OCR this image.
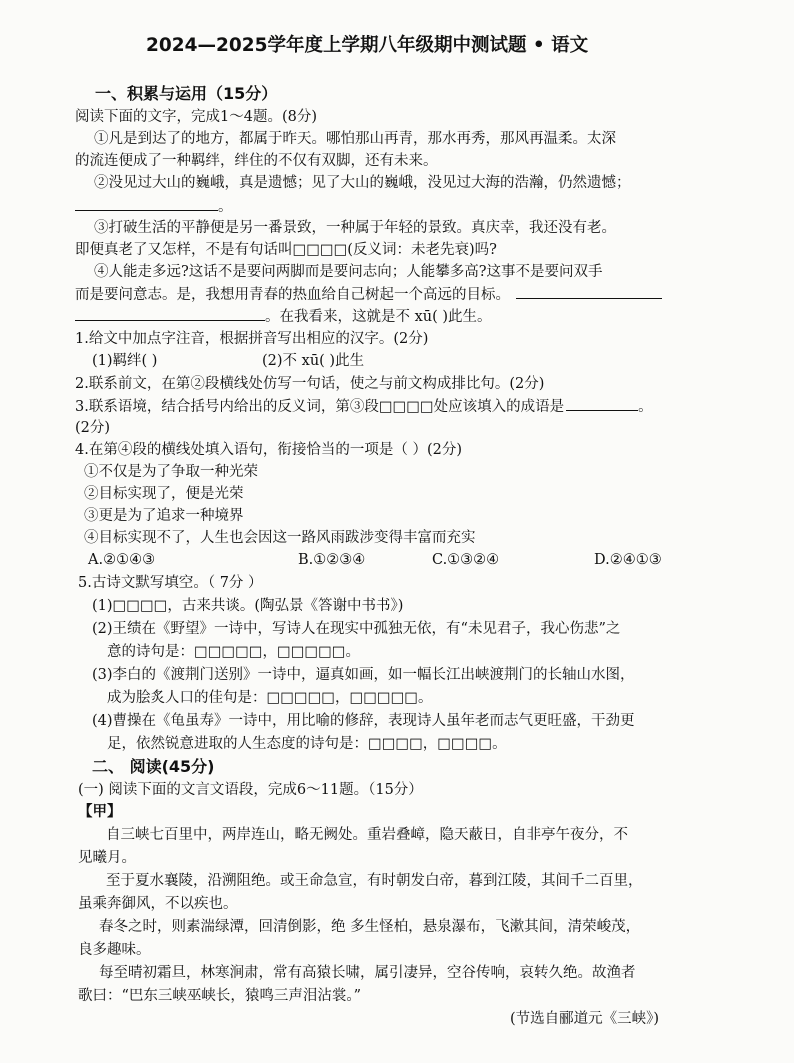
2024—2025学年度上学期八年级期中测试题 • 语文
一、积累与运用（15分）
阅读下面的文字，完成1～4题。(8分)
①凡是到达了的地方，都属于昨天。哪怕那山再青，那水再秀，那风再温柔。太深
的流连便成了一种羁绊，绊住的不仅有双脚，还有未来。
②没见过大山的巍峨，真是遗憾；见了大山的巍峨，没见过大海的浩瀚，仍然遗憾；
。
③打破生活的平静便是另一番景致，一种属于年轻的景致。真庆幸，我还没有老。
即便真老了又怎样，不是有句话叫□□□□(反义词：未老先衰)吗?
④人能走多远?这话不是要问两脚而是要问志向；人能攀多高?这事不是要问双手
而是要问意志。是，我想用青春的热血给自己树起一个高远的目标。
。在我看来，这就是不 xū( )此生。
1.给文中加点字注音，根据拼音写出相应的汉字。(2分)
(1)羁绊( )	(2)不 xū( )此生
2.联系前文，在第②段横线处仿写一句话，使之与前文构成排比句。(2分)
3.联系语境，结合括号内给出的反义词，第③段□□□□处应该填入的成语是	。
(2分)
4.在第④段的横线处填入语句，衔接恰当的一项是（ ）(2分)
①不仅是为了争取一种光荣
②目标实现了，便是光荣
③更是为了追求一种境界
④目标实现不了，人生也会因这一路风雨跋涉变得丰富而充实
A.②①④③	B.①②③④	C.①③②④	D.②④①③
5.古诗文默写填空。（ 7分 ）
(1)□□□□，古来共谈。(陶弘景《答谢中书书》)
(2)王绩在《野望》一诗中，写诗人在现实中孤独无依，有“未见君子，我心伤悲”之
意的诗句是：□□□□□，□□□□□。
(3)李白的《渡荆门送别》一诗中，逼真如画，如一幅长江出峡渡荆门的长轴山水图，
成为脍炙人口的佳句是：□□□□□，□□□□□。
(4)曹操在《龟虽寿》一诗中，用比喻的修辞，表现诗人虽年老而志气更旺盛，干劲更
足，依然锐意进取的人生态度的诗句是：□□□□，□□□□。
二、 阅读(45分)
(一) 阅读下面的文言文语段，完成6～11题。（15分）
【甲】
自三峡七百里中，两岸连山，略无阙处。重岩叠嶂，隐天蔽日，自非亭午夜分，不
见曦月。
至于夏水襄陵，沿溯阻绝。或王命急宣，有时朝发白帝，暮到江陵，其间千二百里，
虽乘奔御风，不以疾也。
春冬之时，则素湍绿潭，回清倒影，绝 多生怪柏，悬泉瀑布，飞漱其间，清荣峻茂，
良多趣味。
每至晴初霜旦，林寒涧肃，常有高猿长啸，属引凄异，空谷传响，哀转久绝。故渔者
歌曰：“巴东三峡巫峡长，猿鸣三声泪沾裳。”
(节选自郦道元《三峡》)
